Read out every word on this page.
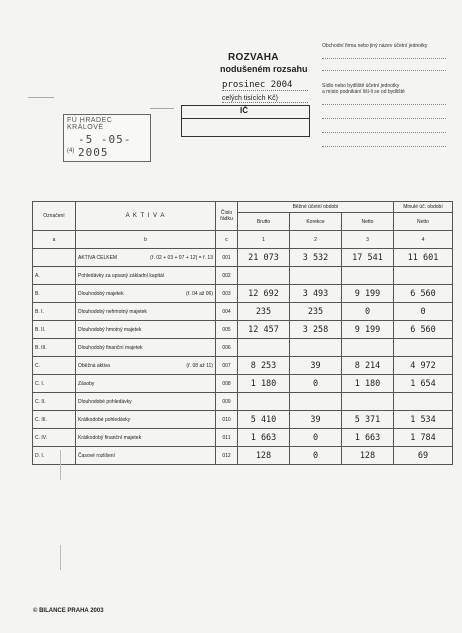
ROZVAHA
nodušeném rozsahu
prosinec 2004
celých tisících Kč)
IČ
Obchodní firma nebo jiný název účetní jednotky
Sídlo nebo bydliště účetní jednotky
a místo podnikání liší-li se od bydliště
FÚ HRADEC KRÁLOVÉ
-5 -05- 2005
(4)
Označení	A K T I V A	Číslo řádku	Běžné účetní období			Minulé úč. období
			Brutto	Korekce	Netto	Netto
a	b	c	1	2	3	4
	AKTIVA CELKEM (ř. 02 + 03 + 07 + 12) = ř. 13	001	21 073	3 532	17 541	11 601
A.	Pohledávky za upsaný základní kapitál	002				
B.	Dlouhodobý majetek (ř. 04 až 06)	003	12 692	3 493	9 199	6 560
B. I.	Dlouhodobý nehmotný majetek	004	235	235	0	0
B. II.	Dlouhodobý hmotný majetek	005	12 457	3 258	9 199	6 560
B. III.	Dlouhodobý finanční majetek	006				
C.	Oběžná aktiva (ř. 08 až 11)	007	8 253	39	8 214	4 972
C. I.	Zásoby	008	1 180	0	1 180	1 654
C. II.	Dlouhodobé pohledávky	009				
C. III.	Krátkodobé pohledávky	010	5 410	39	5 371	1 534
C. IV.	Krátkodobý finanční majetek	011	1 663	0	1 663	1 784
D. I.	Časové rozlišení	012	128	0	128	69
© BILANCE PRAHA 2003
